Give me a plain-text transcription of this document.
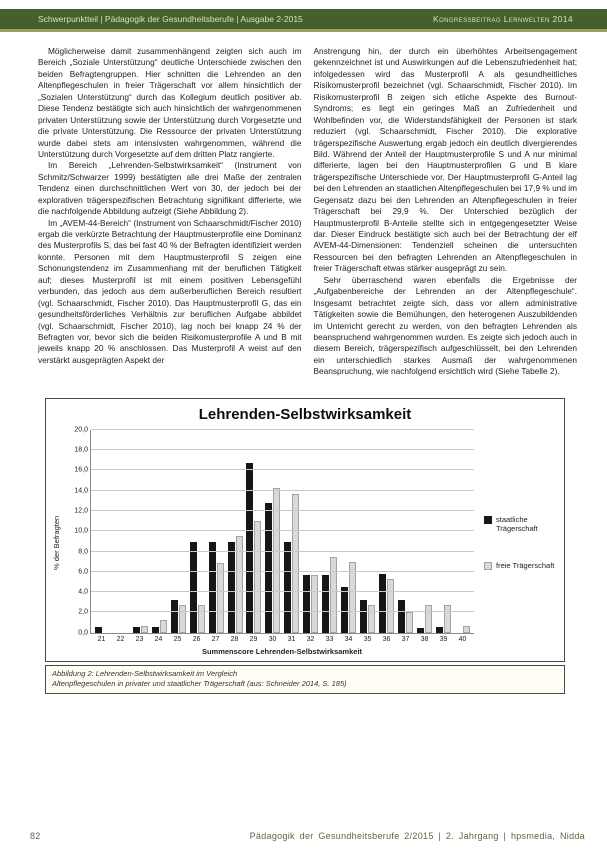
Schwerpunktteil | Pädagogik der Gesundheitsberufe | Ausgabe 2-2015	Kongressbeitrag Lernwelten 2014
Möglicherweise damit zusammenhängend zeigten sich auch im Bereich „Soziale Unterstützung“ deutliche Unterschiede zwischen den beiden Befragtengruppen. Hier schnitten die Lehrenden an den Altenpflegeschulen in freier Trägerschaft vor allem hinsichtlich der „Sozialen Unterstützung“ durch das Kollegium deutlich positiver ab. Diese Tendenz bestätigte sich auch hinsichtlich der wahrgenommenen privaten Unterstützung sowie der Unterstützung durch Vorgesetzte und die private Unterstützung. Die Ressource der privaten Unterstützung wurde dabei stets am intensivsten wahrgenommen, während die Unterstützung durch Vorgesetzte auf dem dritten Platz rangierte.
Im Bereich „Lehrenden-Selbstwirksamkeit“ (Instrument von Schmitz/Schwarzer 1999) bestätigten alle drei Maße der zentralen Tendenz einen durchschnittlichen Wert von 30, der jedoch bei der explorativen trägerspezifischen Betrachtung signifikant differierte, wie die nachfolgende Abbildung aufzeigt (Siehe Abbildung 2).
Im „AVEM-44-Bereich“ (Instrument von Schaarschmidt/Fischer 2010) ergab die verkürzte Betrachtung der Hauptmusterprofile eine Dominanz des Musterprofils S, das bei fast 40 % der Befragten identifiziert werden konnte. Personen mit dem Hauptmusterprofil S zeigen eine Schonungstendenz im Zusammenhang mit der beruflichen Tätigkeit auf; dieses Musterprofil ist mit einem positiven Lebensgefühl verbunden, das jedoch aus dem außerberuflichen Bereich resultiert (vgl. Schaarschmidt, Fischer 2010). Das Hauptmusterprofil G, das ein gesundheitsförderliches Verhältnis zur beruflichen Aufgabe abbildet (vgl. Schaarschmidt, Fischer 2010), lag noch bei knapp 24 % der Befragten vor, bevor sich die beiden Risikomusterprofile A und B mit jeweils knapp 20 % anschlossen. Das Musterprofil A weist auf den verstärkt ausgeprägten Aspekt der
Anstrengung hin, der durch ein überhöhtes Arbeitsengagement gekennzeichnet ist und Auswirkungen auf die Lebenszufriedenheit hat; infolgedessen wird das Musterprofil A als gesundheitliches Risikomusterprofil bezeichnet (vgl. Schaarschmidt, Fischer 2010). Im Risikomusterprofil B zeigen sich etliche Aspekte des Burnout-Syndroms; es liegt ein geringes Maß an Zufriedenheit und Wohlbefinden vor, die Widerstandsfähigkeit der Personen ist stark reduziert (vgl. Schaarschmidt, Fischer 2010). Die explorative trägerspezifische Auswertung ergab jedoch ein deutlich divergierendes Bild. Während der Anteil der Hauptmusterprofile S und A nur minimal differierte, lagen bei den Hauptmusterprofilen G und B klare trägerspezifische Unterschiede vor. Der Hauptmusterprofil G-Anteil lag bei den Lehrenden an staatlichen Altenpflegeschulen bei 17,9 % und im Gegensatz dazu bei den Lehrenden an Altenpflegeschulen in freier Trägerschaft bei 29,9 %. Der Unterschied bezüglich der Hauptmusterprofil B-Anteile stellte sich in entgegengesetzter Weise dar. Dieser Eindruck bestätigte sich auch bei der Betrachtung der elf AVEM-44-Dimensionen: Tendenziell scheinen die untersuchten Ressourcen bei den befragten Lehrenden an Altenpflegeschulen in freier Trägerschaft etwas stärker ausgeprägt zu sein.
Sehr überraschend waren ebenfalls die Ergebnisse der „Aufgabenbereiche der Lehrenden an der Altenpflegeschule“. Insgesamt betrachtet zeigte sich, dass vor allem administrative Tätigkeiten sowie die Bemühungen, den heterogenen Auszubildenden im Unterricht gerecht zu werden, von den befragten Lehrenden als beanspruchend wahrgenommen wurden. Es zeigte sich jedoch auch in diesem Bereich, trägerspezifisch aufgeschlüsselt, bei den Lehrenden ein unterschiedlich starkes Ausmaß der wahrgenommenen Beanspruchung, wie nachfolgend ersichtlich wird (Siehe Tabelle 2).
Lehrenden-Selbstwirksamkeit
% der Befragten
0,0
2,0
4,0
6,0
8,0
10,0
12,0
14,0
16,0
18,0
20,0
21	22	23	24	25	26	27	28	29	30	31	32	33	34	35	36	37	38	39	40
Summenscore Lehrenden-Selbstwirksamkeit
staatliche Trägerschaft
freie Trägerschaft
Abbildung 2: Lehrenden-Selbstwirksamkeit im Vergleich
Altenpflegeschulen in privater und staatlicher Trägerschaft (aus: Schneider 2014, S. 185)
82	Pädagogik der Gesundheitsberufe 2/2015 | 2. Jahrgang | hpsmedia, Nidda
